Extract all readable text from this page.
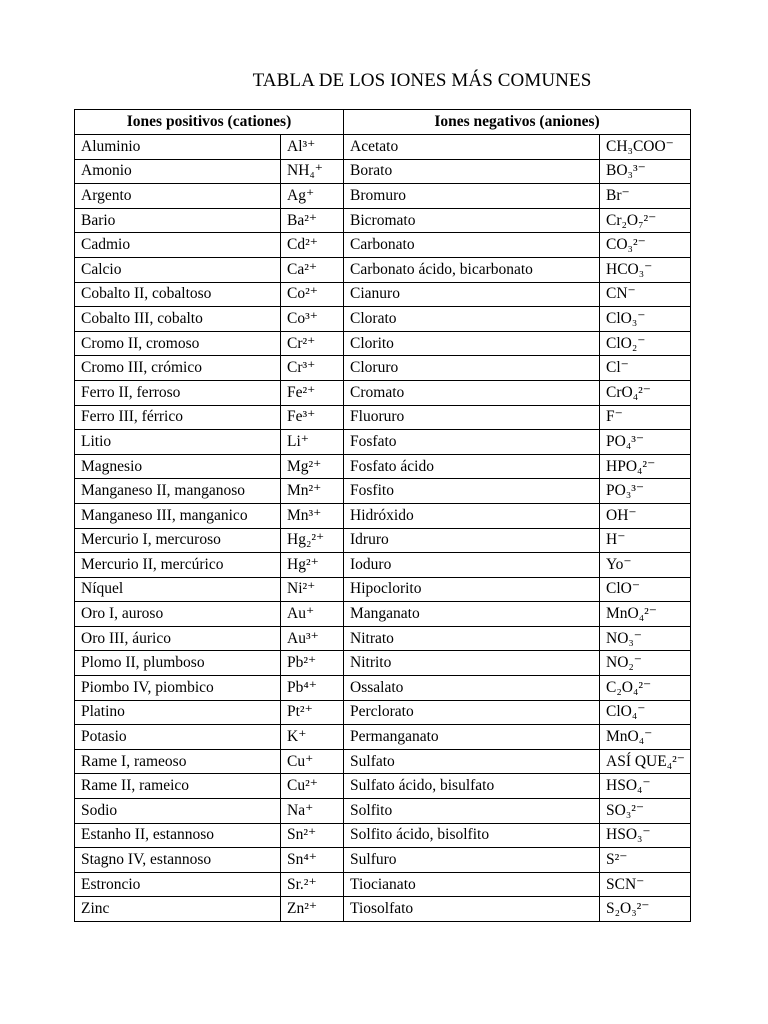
TABLA DE LOS IONES MÁS COMUNES
Iones positivos (cationes)		Iones negativos (aniones)	
Aluminio	Al³⁺	Acetato	CH₃COO⁻
Amonio	NH₄⁺	Borato	BO₃³⁻
Argento	Ag⁺	Bromuro	Br⁻
Bario	Ba²⁺	Bicromato	Cr₂O₇²⁻
Cadmio	Cd²⁺	Carbonato	CO₃²⁻
Calcio	Ca²⁺	Carbonato ácido, bicarbonato	HCO₃⁻
Cobalto II, cobaltoso	Co²⁺	Cianuro	CN⁻
Cobalto III, cobalto	Co³⁺	Clorato	ClO₃⁻
Cromo II, cromoso	Cr²⁺	Clorito	ClO₂⁻
Cromo III, crómico	Cr³⁺	Cloruro	Cl⁻
Ferro II, ferroso	Fe²⁺	Cromato	CrO₄²⁻
Ferro III, férrico	Fe³⁺	Fluoruro	F⁻
Litio	Li⁺	Fosfato	PO₄³⁻
Magnesio	Mg²⁺	Fosfato ácido	HPO₄²⁻
Manganeso II, manganoso	Mn²⁺	Fosfito	PO₃³⁻
Manganeso III, manganico	Mn³⁺	Hidróxido	OH⁻
Mercurio I, mercuroso	Hg₂²⁺	Idruro	H⁻
Mercurio II, mercúrico	Hg²⁺	Ioduro	Yo⁻
Níquel	Ni²⁺	Hipoclorito	ClO⁻
Oro I, auroso	Au⁺	Manganato	MnO₄²⁻
Oro III, áurico	Au³⁺	Nitrato	NO₃⁻
Plomo II, plumboso	Pb²⁺	Nitrito	NO₂⁻
Piombo IV, piombico	Pb⁴⁺	Ossalato	C₂O₄²⁻
Platino	Pt²⁺	Perclorato	ClO₄⁻
Potasio	K⁺	Permanganato	MnO₄⁻
Rame I, rameoso	Cu⁺	Sulfato	ASÍ QUE₄²⁻
Rame II, rameico	Cu²⁺	Sulfato ácido, bisulfato	HSO₄⁻
Sodio	Na⁺	Solfito	SO₃²⁻
Estanho II, estannoso	Sn²⁺	Solfito ácido, bisolfito	HSO₃⁻
Stagno IV, estannoso	Sn⁴⁺	Sulfuro	S²⁻
Estroncio	Sr.²⁺	Tiocianato	SCN⁻
Zinc	Zn²⁺	Tiosolfato	S₂O₃²⁻
